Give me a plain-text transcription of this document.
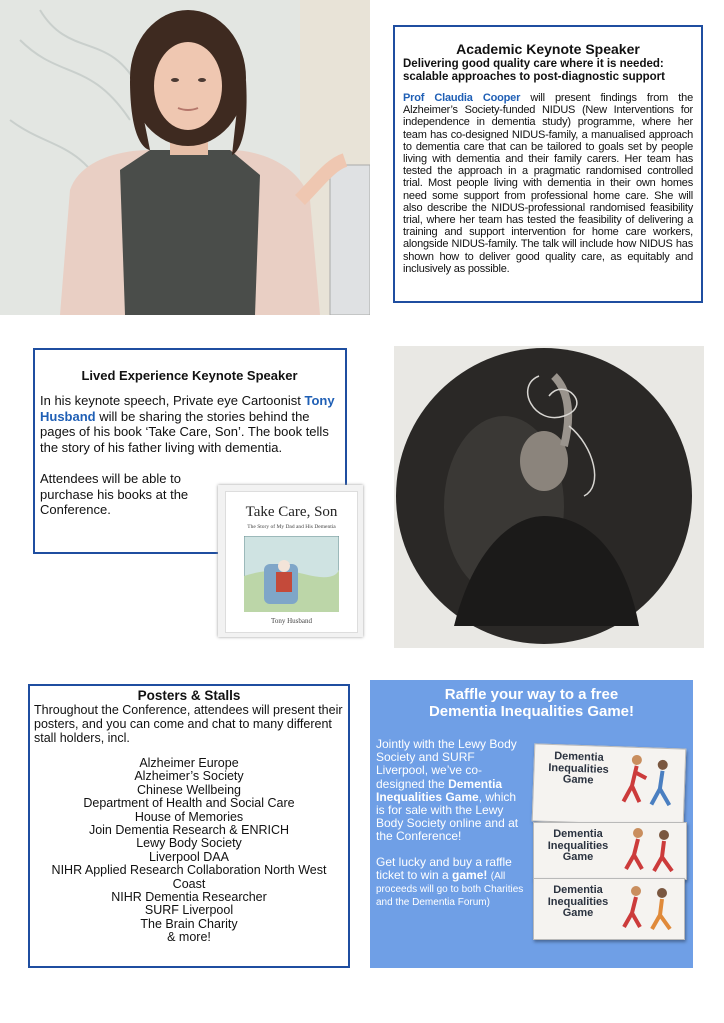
Academic Keynote Speaker
Delivering good quality care where it is needed: scalable approaches to post-diagnostic support
Prof Claudia Cooper will present findings from the Alzheimer’s Society-funded NIDUS (New Interventions for independence in dementia study) programme, where her team has co-designed NIDUS-family, a manualised approach to dementia care that can be tailored to goals set by people living with dementia and their family carers. Her team has tested the approach in a pragmatic randomised controlled trial. Most people living with dementia in their own homes need some support from professional home care. She will also describe the NIDUS-professional randomised feasibility trial, where her team has tested the feasibility of delivering a training and support intervention for home care workers, alongside NIDUS-family. The talk will include how NIDUS has shown how to deliver good quality care, as equitably and inclusively as possible.
Lived Experience Keynote Speaker
In his keynote speech, Private eye Cartoonist Tony Husband will be sharing the stories behind the pages of his book ‘Take Care, Son’. The book tells the story of his father living with dementia.
Attendees will be able to purchase his books at the Conference.	Take Care, Son
The Story of My Dad and His Dementia
Tony Husband
Posters & Stalls
Throughout the Conference, attendees will present their posters, and you can come and chat to many different stall holders, incl.
Alzheimer Europe
Alzheimer’s Society
Chinese Wellbeing
Department of Health and Social Care
House of Memories
Join Dementia Research & ENRICH
Lewy Body Society
Liverpool DAA
NIHR Applied Research Collaboration North West Coast
NIHR Dementia Researcher
SURF Liverpool
The Brain Charity
& more!
Raffle your way to a free
Dementia Inequalities Game!
Jointly with the Lewy Body Society and SURF Liverpool, we’ve co-designed the Dementia Inequalities Game, which is for sale with the Lewy Body Society online and at the Conference!
Get lucky and buy a raffle ticket to win a game! (All proceeds will go to both Charities and the Dementia Forum)
Dementia Inequalities Game
Dementia Inequalities Game
Dementia Inequalities Game
